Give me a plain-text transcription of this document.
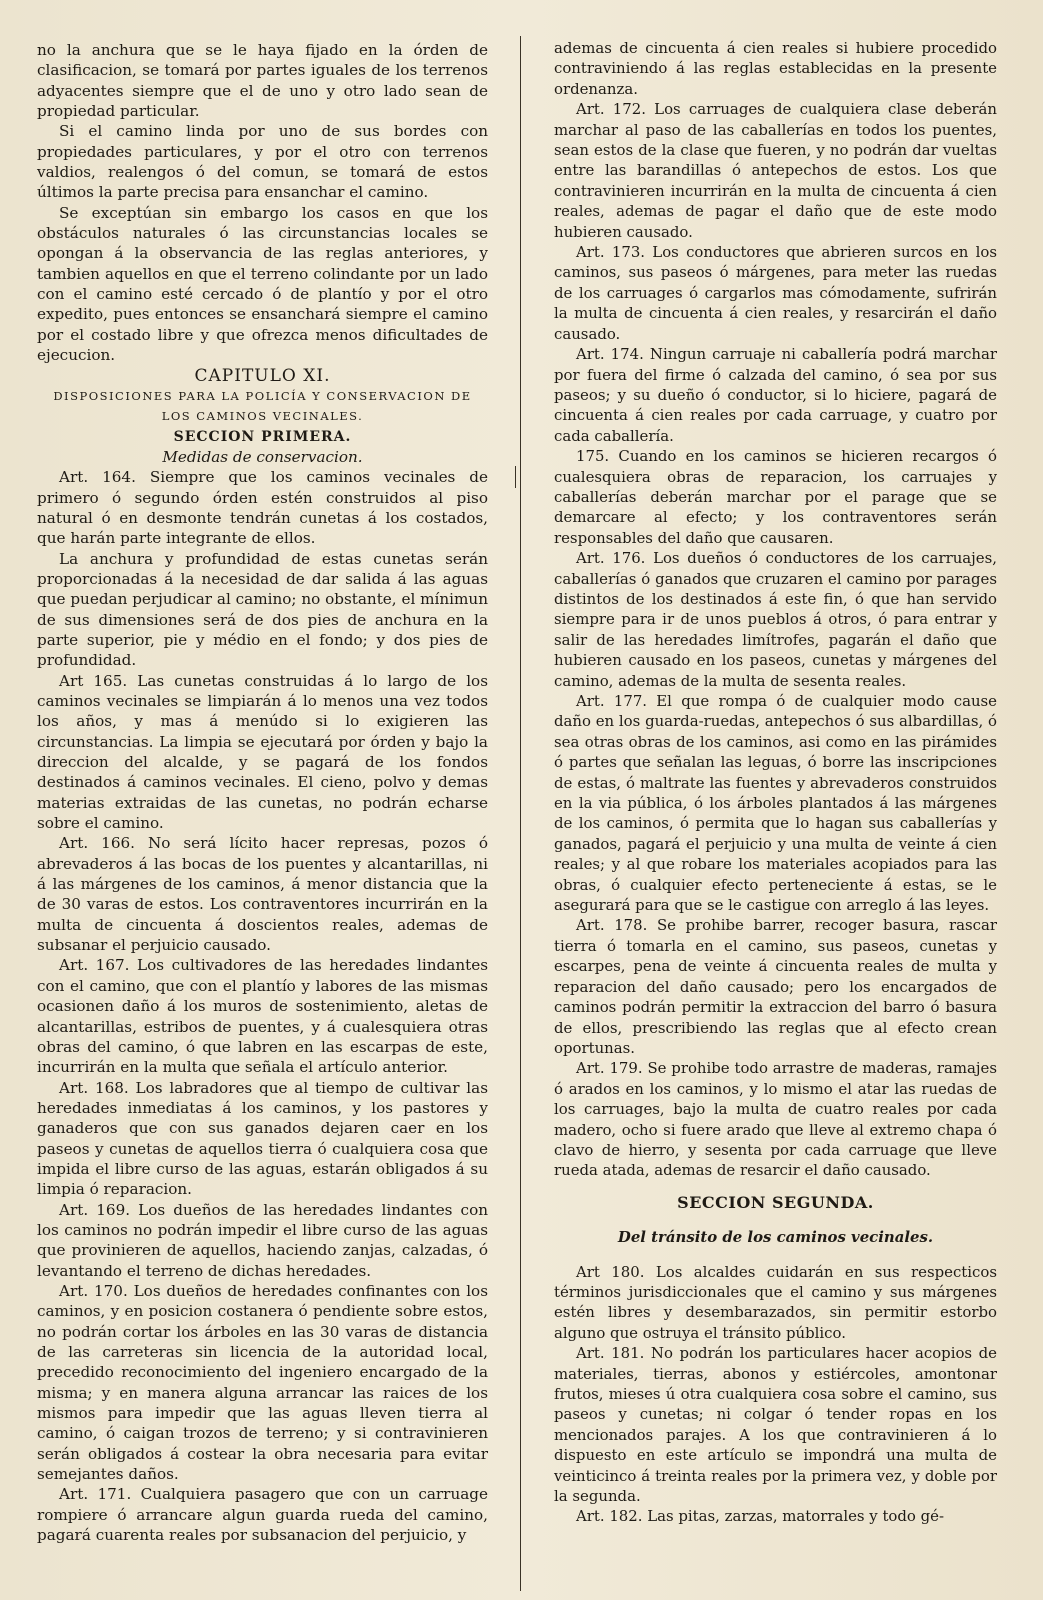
no la anchura que se le haya fijado en la órden de clasificacion, se tomará por partes iguales de los terrenos adyacentes siempre que el de uno y otro lado sean de propiedad particular.

Si el camino linda por uno de sus bordes con propiedades particulares, y por el otro con terrenos valdios, realengos ó del comun, se tomará de estos últimos la parte precisa para ensanchar el camino.

Se exceptúan sin embargo los casos en que los obstáculos naturales ó las circunstancias locales se opongan á la observancia de las reglas anteriores, y tambien aquellos en que el terreno colindante por un lado con el camino esté cercado ó de plantío y por el otro expedito, pues entonces se ensanchará siempre el camino por el costado libre y que ofrezca menos dificultades de ejecucion.

CAPITULO XI.

DISPOSICIONES PARA LA POLICÍA Y CONSERVACION DE LOS CAMINOS VECINALES.

SECCION PRIMERA.

Medidas de conservacion.

Art. 164. Siempre que los caminos vecinales de primero ó segundo órden estén construidos al piso natural ó en desmonte tendrán cunetas á los costados, que harán parte integrante de ellos.

La anchura y profundidad de estas cunetas serán proporcionadas á la necesidad de dar salida á las aguas que puedan perjudicar al camino; no obstante, el mínimun de sus dimensiones será de dos pies de anchura en la parte superior, pie y médio en el fondo; y dos pies de profundidad.

Art 165. Las cunetas construidas á lo largo de los caminos vecinales se limpiarán á lo menos una vez todos los años, y mas á menúdo si lo exigieren las circunstancias. La limpia se ejecutará por órden y bajo la direccion del alcalde, y se pagará de los fondos destinados á caminos vecinales. El cieno, polvo y demas materias extraidas de las cunetas, no podrán echarse sobre el camino.

Art. 166. No será lícito hacer represas, pozos ó abrevaderos á las bocas de los puentes y alcantarillas, ni á las márgenes de los caminos, á menor distancia que la de 30 varas de estos. Los contraventores incurrirán en la multa de cincuenta á doscientos reales, ademas de subsanar el perjuicio causado.

Art. 167. Los cultivadores de las heredades lindantes con el camino, que con el plantío y labores de las mismas ocasionen daño á los muros de sostenimiento, aletas de alcantarillas, estribos de puentes, y á cualesquiera otras obras del camino, ó que labren en las escarpas de este, incurrirán en la multa que señala el artículo anterior.

Art. 168. Los labradores que al tiempo de cultivar las heredades inmediatas á los caminos, y los pastores y ganaderos que con sus ganados dejaren caer en los paseos y cunetas de aquellos tierra ó cualquiera cosa que impida el libre curso de las aguas, estarán obligados á su limpia ó reparacion.

Art. 169. Los dueños de las heredades lindantes con los caminos no podrán impedir el libre curso de las aguas que provinieren de aquellos, haciendo zanjas, calzadas, ó levantando el terreno de dichas heredades.

Art. 170. Los dueños de heredades confinantes con los caminos, y en posicion costanera ó pendiente sobre estos, no podrán cortar los árboles en las 30 varas de distancia de las carreteras sin licencia de la autoridad local, precedido reconocimiento del ingeniero encargado de la misma; y en manera alguna arrancar las raices de los mismos para impedir que las aguas lleven tierra al camino, ó caigan trozos de terreno; y si contravinieren serán obligados á costear la obra necesaria para evitar semejantes daños.

Art. 171. Cualquiera pasagero que con un carruage rompiere ó arrancare algun guarda rueda del camino, pagará cuarenta reales por subsanacion del perjuicio, y

ademas de cincuenta á cien reales si hubiere procedido contraviniendo á las reglas establecidas en la presente ordenanza.

Art. 172. Los carruages de cualquiera clase deberán marchar al paso de las caballerías en todos los puentes, sean estos de la clase que fueren, y no podrán dar vueltas entre las barandillas ó antepechos de estos. Los que contravinieren incurrirán en la multa de cincuenta á cien reales, ademas de pagar el daño que de este modo hubieren causado.

Art. 173. Los conductores que abrieren surcos en los caminos, sus paseos ó márgenes, para meter las ruedas de los carruages ó cargarlos mas cómodamente, sufrirán la multa de cincuenta á cien reales, y resarcirán el daño causado.

Art. 174. Ningun carruaje ni caballería podrá marchar por fuera del firme ó calzada del camino, ó sea por sus paseos; y su dueño ó conductor, si lo hiciere, pagará de cincuenta á cien reales por cada carruage, y cuatro por cada caballería.

175. Cuando en los caminos se hicieren recargos ó cualesquiera obras de reparacion, los carruajes y caballerías deberán marchar por el parage que se demarcare al efecto; y los contraventores serán responsables del daño que causaren.

Art. 176. Los dueños ó conductores de los carruajes, caballerías ó ganados que cruzaren el camino por parages distintos de los destinados á este fin, ó que han servido siempre para ir de unos pueblos á otros, ó para entrar y salir de las heredades limítrofes, pagarán el daño que hubieren causado en los paseos, cunetas y márgenes del camino, ademas de la multa de sesenta reales.

Art. 177. El que rompa ó de cualquier modo cause daño en los guarda-ruedas, antepechos ó sus albardillas, ó sea otras obras de los caminos, asi como en las pirámides ó partes que señalan las leguas, ó borre las inscripciones de estas, ó maltrate las fuentes y abrevaderos construidos en la via pública, ó los árboles plantados á las márgenes de los caminos, ó permita que lo hagan sus caballerías y ganados, pagará el perjuicio y una multa de veinte á cien reales; y al que robare los materiales acopiados para las obras, ó cualquier efecto perteneciente á estas, se le asegurará para que se le castigue con arreglo á las leyes.

Art. 178. Se prohibe barrer, recoger basura, rascar tierra ó tomarla en el camino, sus paseos, cunetas y escarpes, pena de veinte á cincuenta reales de multa y reparacion del daño causado; pero los encargados de caminos podrán permitir la extraccion del barro ó basura de ellos, prescribiendo las reglas que al efecto crean oportunas.

Art. 179. Se prohibe todo arrastre de maderas, ramajes ó arados en los caminos, y lo mismo el atar las ruedas de los carruages, bajo la multa de cuatro reales por cada madero, ocho si fuere arado que lleve al extremo chapa ó clavo de hierro, y sesenta por cada carruage que lleve rueda atada, ademas de resarcir el daño causado.

SECCION SEGUNDA.

Del tránsito de los caminos vecinales.

Art 180. Los alcaldes cuidarán en sus respecticos términos jurisdiccionales que el camino y sus márgenes estén libres y desembarazados, sin permitir estorbo alguno que ostruya el tránsito público.

Art. 181. No podrán los particulares hacer acopios de materiales, tierras, abonos y estiércoles, amontonar frutos, mieses ú otra cualquiera cosa sobre el camino, sus paseos y cunetas; ni colgar ó tender ropas en los mencionados parajes. A los que contravinieren á lo dispuesto en este artículo se impondrá una multa de veinticinco á treinta reales por la primera vez, y doble por la segunda.

Art. 182. Las pitas, zarzas, matorrales y todo gé-
